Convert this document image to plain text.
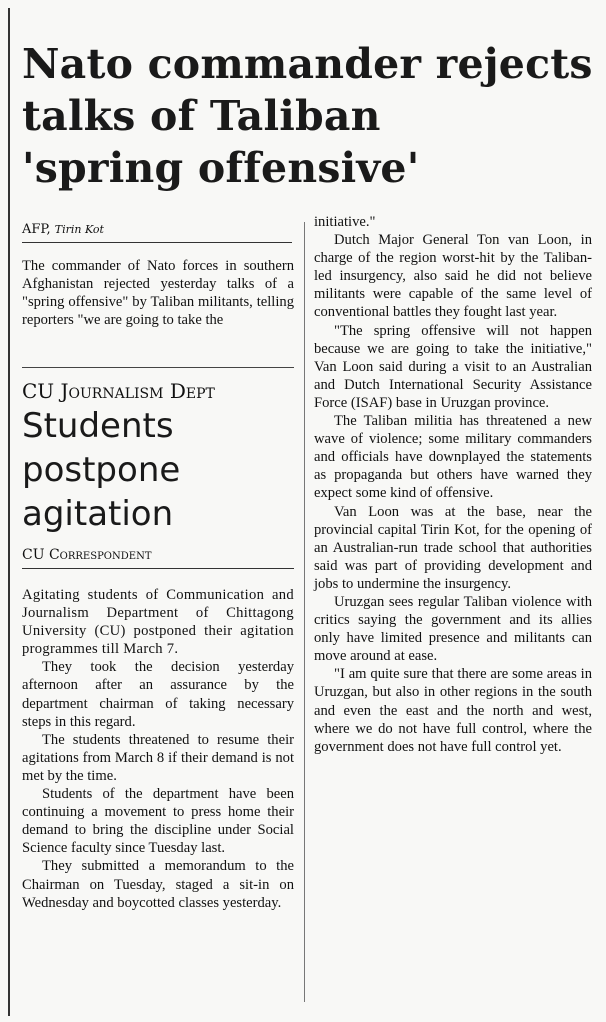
Nato commander rejects
talks of Taliban
'spring offensive'
AFP, Tirin Kot

The commander of Nato forces in southern Afghanistan rejected yesterday talks of a "spring offensive" by Taliban militants, telling reporters "we are going to take the

CU Journalism Dept
Students
postpone
agitation
CU Correspondent

Agitating students of Communication and Journalism Department of Chittagong University (CU) postponed their agitation programmes till March 7.

They took the decision yesterday afternoon after an assurance by the department chairman of taking necessary steps in this regard.

The students threatened to resume their agitations from March 8 if their demand is not met by the time.

Students of the department have been continuing a movement to press home their demand to bring the discipline under Social Science faculty since Tuesday last.

They submitted a memorandum to the Chairman on Tuesday, staged a sit-in on Wednesday and boycotted classes yesterday.

initiative."

Dutch Major General Ton van Loon, in charge of the region worst-hit by the Taliban-led insurgency, also said he did not believe militants were capable of the same level of conventional battles they fought last year.

"The spring offensive will not happen because we are going to take the initiative," Van Loon said during a visit to an Australian and Dutch International Security Assistance Force (ISAF) base in Uruzgan province.

The Taliban militia has threatened a new wave of violence; some military commanders and officials have downplayed the statements as propaganda but others have warned they expect some kind of offensive.

Van Loon was at the base, near the provincial capital Tirin Kot, for the opening of an Australian-run trade school that authorities said was part of providing development and jobs to undermine the insurgency.

Uruzgan sees regular Taliban violence with critics saying the government and its allies only have limited presence and militants can move around at ease.

"I am quite sure that there are some areas in Uruzgan, but also in other regions in the south and even the east and the north and west, where we do not have full control, where the government does not have full control yet.
